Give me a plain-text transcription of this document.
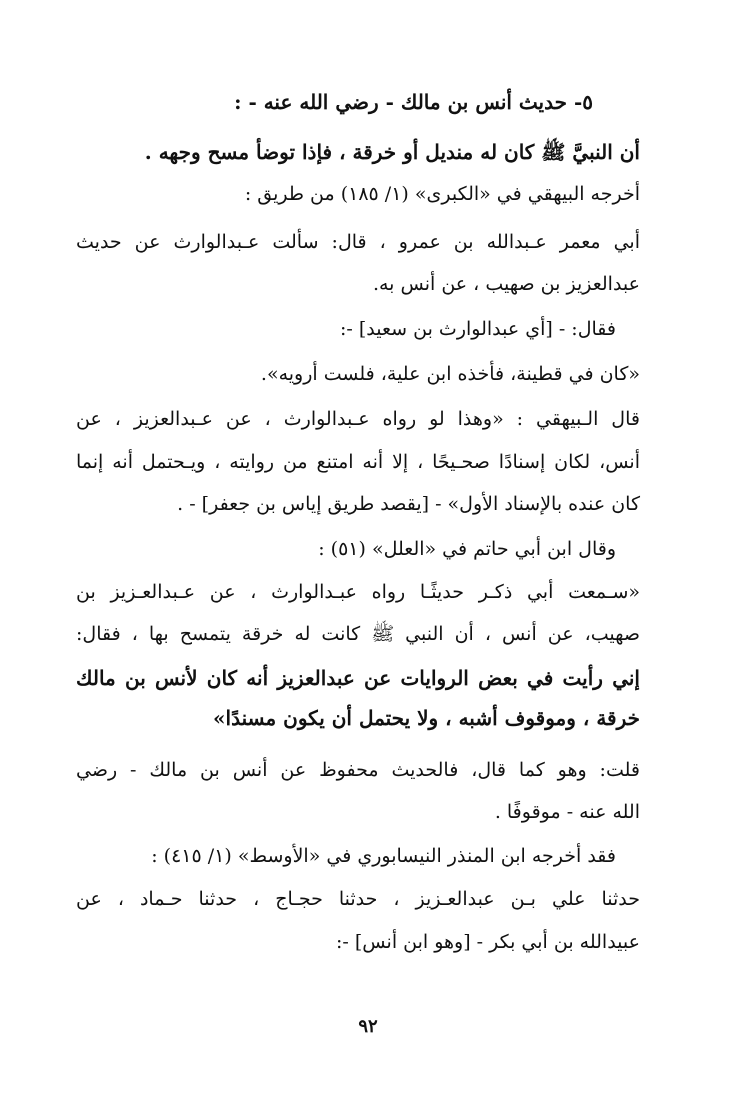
٥- حديث أنس بن مالك - رضي الله عنه - :
أن النبيَّ ﷺ كان له منديل أو خرقة ، فإذا توضأ مسح وجهه .
أخرجه البيهقي في «الكبرى» (١/ ١٨٥) من طريق :
أبي معمر عـبدالله بن عمرو ، قال: سألت عـبدالوارث عن حديث
عبدالعزيز بن صهيب ، عن أنس به.
فقال: - [أي عبدالوارث بن سعيد] -:
«كان في قطينة، فأخذه ابن علية، فلست أرويه».
قال الـبيهقي : «وهذا لو رواه عـبدالوارث ، عن عـبدالعزيز ، عن
أنس، لكان إسنادًا صحـيحًا ، إلا أنه امتنع من روايته ، ويـحتمل أنه إنما
كان عنده بالإسناد الأول» - [يقصد طريق إياس بن جعفر] - .
وقال ابن أبي حاتم في «العلل» (٥١) :
«سـمعت أبي ذكـر حديثًـا رواه عبـدالوارث ، عن عـبدالعـزيز بن
صهيب، عن أنس ، أن النبي ﷺ كانت له خرقة يتمسح بها ، فقال:
إني رأيت في بعض الروايات عن عبدالعزيز أنه كان لأنس بن مالك
خرقة ، وموقوف أشبه ، ولا يحتمل أن يكون مسندًا»
قلت: وهو كما قال، فالحديث محفوظ عن أنس بن مالك - رضي
الله عنه - موقوفًا .
فقد أخرجه ابن المنذر النيسابوري في «الأوسط» (١/ ٤١٥) :
حدثنا علي بـن عبدالعـزيز ، حدثنا حجـاج ، حدثنا حـماد ، عن
عبيدالله بن أبي بكر - [وهو ابن أنس] -:
٩٢
